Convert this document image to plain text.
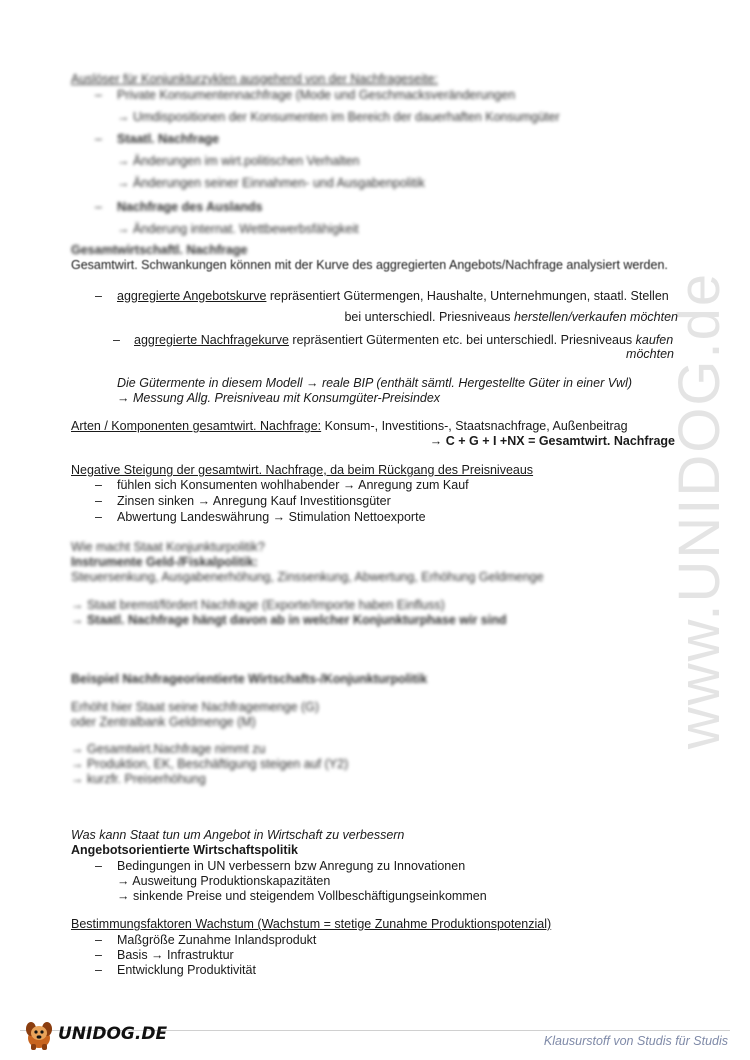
www.UNIDOG.de
Auslöser für Konjunkturzyklen ausgehend von der Nachfrageseite:
– Private Konsumentennachfrage (Mode und Geschmacksveränderungen
→ Umdispositionen der Konsumenten im Bereich der dauerhaften Konsumgüter
– Staatl. Nachfrage
→ Änderungen im wirt.politischen Verhalten
→ Änderungen seiner Einnahmen- und Ausgabenpolitik
– Nachfrage des Auslands
→ Änderung internat. Wettbewerbsfähigkeit
Gesamtwirtschaftl. Nachfrage
Gesamtwirt. Schwankungen können mit der Kurve des aggregierten Angebots/Nachfrage analysiert werden.
– aggregierte Angebotskurve repräsentiert Gütermengen, Haushalte, Unternehmungen, staatl. Stellen
bei unterschiedl. Priesniveaus herstellen/verkaufen möchten
– aggregierte Nachfragekurve repräsentiert Gütermenten etc. bei unterschiedl. Priesniveaus kaufen
möchten
Die Gütermente in diesem Modell → reale BIP (enthält sämtl. Hergestellte Güter in einer Vwl)
→ Messung Allg. Preisniveau mit Konsumgüter-Preisindex
Arten / Komponenten gesamtwirt. Nachfrage: Konsum-, Investitions-, Staatsnachfrage, Außenbeitrag
→ C + G + I +NX = Gesamtwirt. Nachfrage
Negative Steigung der gesamtwirt. Nachfrage, da beim Rückgang des Preisniveaus
– fühlen sich Konsumenten wohlhabender → Anregung zum Kauf
– Zinsen sinken → Anregung Kauf Investitionsgüter
– Abwertung Landeswährung → Stimulation Nettoexporte
Wie macht Staat Konjunkturpolitik?
Instrumente Geld-/Fiskalpolitik:
Steuersenkung, Ausgabenerhöhung, Zinssenkung, Abwertung, Erhöhung Geldmenge
→ Staat bremst/fördert Nachfrage (Exporte/Importe haben Einfluss)
→ Staatl. Nachfrage hängt davon ab in welcher Konjunkturphase wir sind
Beispiel Nachfrageorientierte Wirtschafts-/Konjunkturpolitik
Erhöht hier Staat seine Nachfragemenge (G)
oder Zentralbank Geldmenge (M)
→ Gesamtwirt.Nachfrage nimmt zu
→ Produktion, EK, Beschäftigung steigen auf (Y2)
→ kurzfr. Preiserhöhung
Was kann Staat tun um Angebot in Wirtschaft zu verbessern
Angebotsorientierte Wirtschaftspolitik
– Bedingungen in UN verbessern bzw Anregung zu Innovationen
→ Ausweitung Produktionskapazitäten
→ sinkende Preise und steigendem Vollbeschäftigungseinkommen
Bestimmungsfaktoren Wachstum (Wachstum = stetige Zunahme Produktionspotenzial)
– Maßgröße Zunahme Inlandsprodukt
– Basis → Infrastruktur
– Entwicklung Produktivität
UNIDOG.DE	Klausurstoff von Studis für Studis
